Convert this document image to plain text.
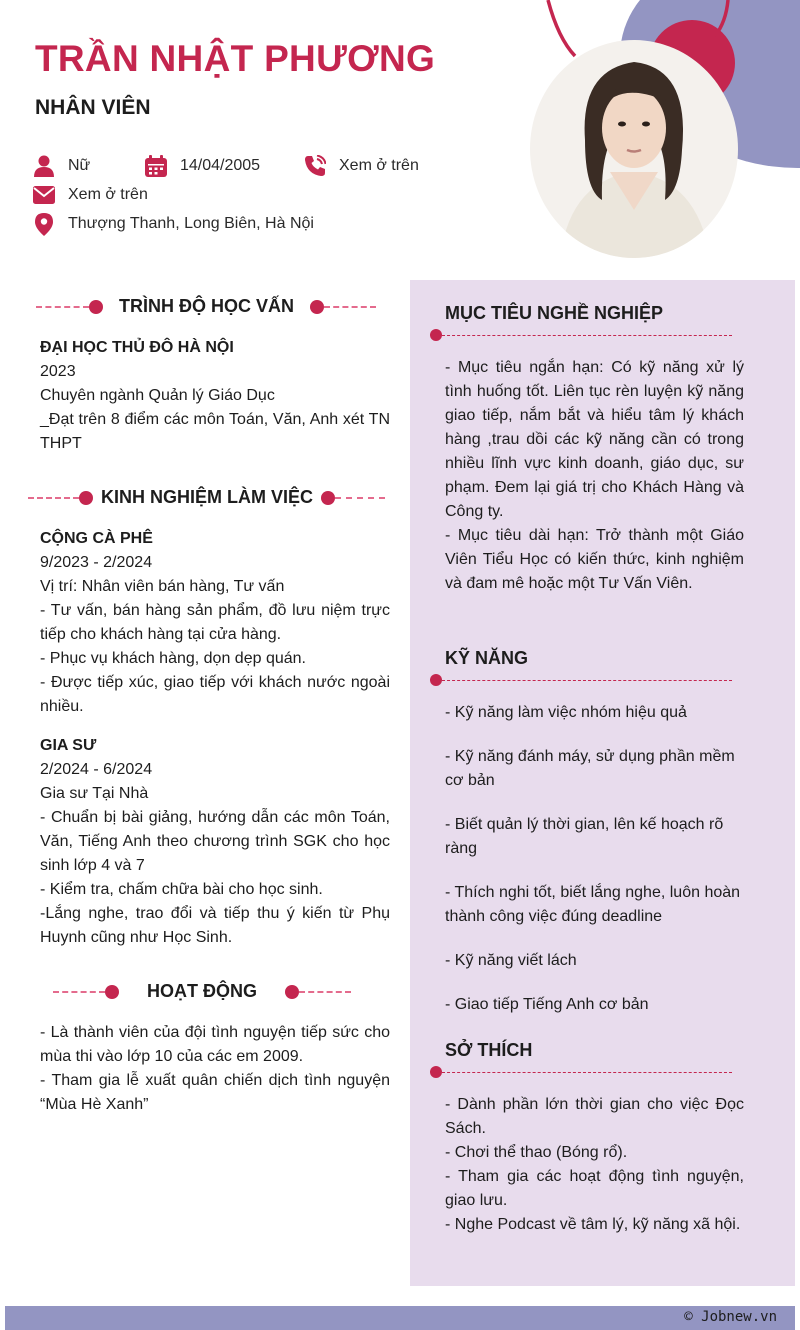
TRẦN NHẬT PHƯƠNG
NHÂN VIÊN
Nữ	14/04/2005	Xem ở trên
Xem ở trên
Thượng Thanh, Long Biên, Hà Nội
TRÌNH ĐỘ HỌC VẤN
ĐẠI HỌC THỦ ĐÔ HÀ NỘI
2023
Chuyên ngành Quản lý Giáo Dục
_Đạt trên 8 điểm các môn Toán, Văn, Anh xét TN THPT
KINH NGHIỆM LÀM VIỆC
CỘNG CÀ PHÊ
9/2023 - 2/2024
Vị trí: Nhân viên bán hàng, Tư vấn
- Tư vấn, bán hàng sản phẩm, đồ lưu niệm trực tiếp cho khách hàng tại cửa hàng.
- Phục vụ khách hàng, dọn dẹp quán.
- Được tiếp xúc, giao tiếp với khách nước ngoài nhiều.
GIA SƯ
2/2024 - 6/2024
Gia sư Tại Nhà
- Chuẩn bị bài giảng, hướng dẫn các môn Toán, Văn, Tiếng Anh theo chương trình SGK cho học sinh lớp 4 và 7
- Kiểm tra, chấm chữa bài cho học sinh.
-Lắng nghe, trao đổi và tiếp thu ý kiến từ Phụ Huynh cũng như Học Sinh.
HOẠT ĐỘNG
- Là thành viên của đội tình nguyện tiếp sức cho mùa thi vào lớp 10 của các em 2009.
- Tham gia lễ xuất quân chiến dịch tình nguyện “Mùa Hè Xanh”
MỤC TIÊU NGHỀ NGHIỆP
- Mục tiêu ngắn hạn: Có kỹ năng xử lý tình huống tốt. Liên tục rèn luyện kỹ năng giao tiếp, nắm bắt và hiểu tâm lý khách hàng ,trau dồi các kỹ năng cần có trong nhiều lĩnh vực kinh doanh, giáo dục, sư phạm. Đem lại giá trị cho Khách Hàng và Công ty.
- Mục tiêu dài hạn: Trở thành một Giáo Viên Tiểu Học có kiến thức, kinh nghiệm và đam mê hoặc một Tư Vấn Viên.
KỸ NĂNG
- Kỹ năng làm việc nhóm hiệu quả
- Kỹ năng đánh máy, sử dụng phần mềm cơ bản
- Biết quản lý thời gian, lên kế hoạch rõ ràng
- Thích nghi tốt, biết lắng nghe, luôn hoàn thành công việc đúng deadline
- Kỹ năng viết lách
- Giao tiếp Tiếng Anh cơ bản
SỞ THÍCH
- Dành phần lớn thời gian cho việc Đọc Sách.
- Chơi thể thao (Bóng rổ).
- Tham gia các hoạt động tình nguyện, giao lưu.
- Nghe Podcast về tâm lý, kỹ năng xã hội.
© Jobnew.vn
